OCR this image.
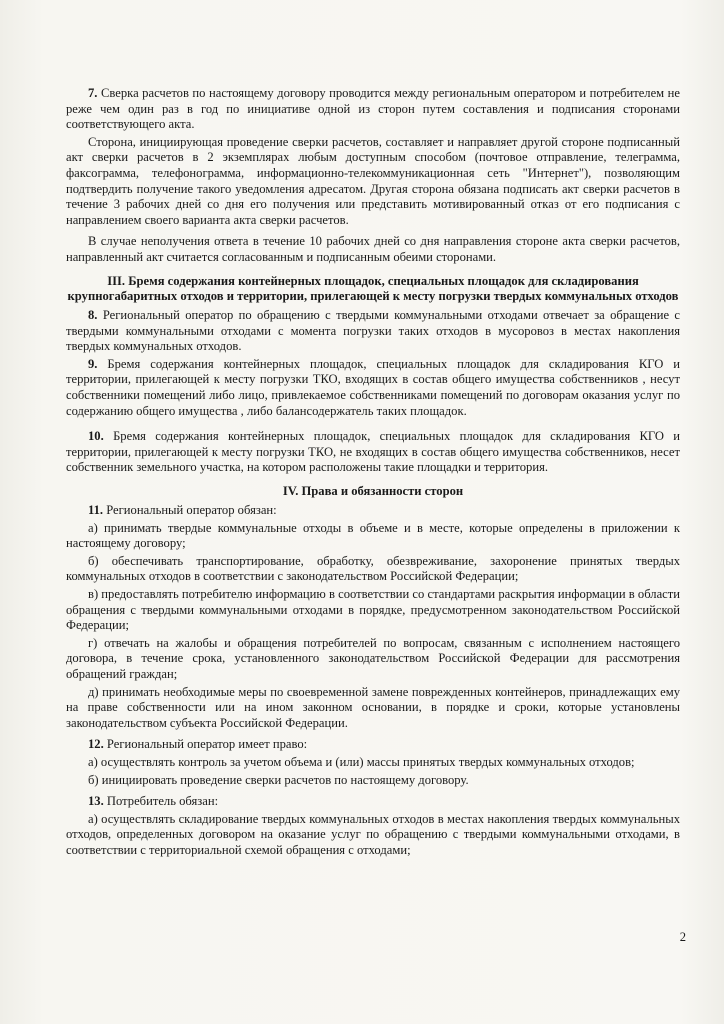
7. Сверка расчетов по настоящему договору проводится между региональным оператором и потребителем не реже чем один раз в год по инициативе одной из сторон путем составления и подписания сторонами соответствующего акта.

Сторона, инициирующая проведение сверки расчетов, составляет и направляет другой стороне подписанный акт сверки расчетов в 2 экземплярах любым доступным способом (почтовое отправление, телеграмма, факсограмма, телефонограмма, информационно-телекоммуникационная сеть "Интернет"), позволяющим подтвердить получение такого уведомления адресатом. Другая сторона обязана подписать акт сверки расчетов в течение 3 рабочих дней со дня его получения или представить мотивированный отказ от его подписания с направлением своего варианта акта сверки расчетов.

В случае неполучения ответа в течение 10 рабочих дней со дня направления стороне акта сверки расчетов, направленный акт считается согласованным и подписанным обеими сторонами.

III. Бремя содержания контейнерных площадок, специальных площадок для складирования крупногабаритных отходов и территории, прилегающей к месту погрузки твердых коммунальных отходов

8. Региональный оператор по обращению с твердыми коммунальными отходами отвечает за обращение с твердыми коммунальными отходами с момента погрузки таких отходов в мусоровоз в местах накопления твердых коммунальных отходов.

9. Бремя содержания контейнерных площадок, специальных площадок для складирования КГО и территории, прилегающей к месту погрузки ТКО, входящих в состав общего имущества собственников , несут собственники помещений либо лицо, привлекаемое собственниками помещений по договорам оказания услуг по содержанию общего имущества , либо балансодержатель таких площадок.

10. Бремя содержания контейнерных площадок, специальных площадок для складирования КГО и территории, прилегающей к месту погрузки ТКО, не входящих в состав общего имущества собственников, несет собственник земельного участка, на котором расположены такие площадки и территория.

IV. Права и обязанности сторон

11. Региональный оператор обязан:

а) принимать твердые коммунальные отходы в объеме и в месте, которые определены в приложении к настоящему договору;

б) обеспечивать транспортирование, обработку, обезвреживание, захоронение принятых твердых коммунальных отходов в соответствии с законодательством Российской Федерации;

в) предоставлять потребителю информацию в соответствии со стандартами раскрытия информации в области обращения с твердыми коммунальными отходами в порядке, предусмотренном законодательством Российской Федерации;

г) отвечать на жалобы и обращения потребителей по вопросам, связанным с исполнением настоящего договора, в течение срока, установленного законодательством Российской Федерации для рассмотрения обращений граждан;

д) принимать необходимые меры по своевременной замене поврежденных контейнеров, принадлежащих ему на праве собственности или на ином законном основании, в порядке и сроки, которые установлены законодательством субъекта Российской Федерации.

12. Региональный оператор имеет право:

а) осуществлять контроль за учетом объема и (или) массы принятых твердых коммунальных отходов;

б) инициировать проведение сверки расчетов по настоящему договору.

13. Потребитель обязан:

а) осуществлять складирование твердых коммунальных отходов в местах накопления твердых коммунальных отходов, определенных договором на оказание услуг по обращению с твердыми коммунальными отходами, в соответствии с территориальной схемой обращения с отходами;

2
